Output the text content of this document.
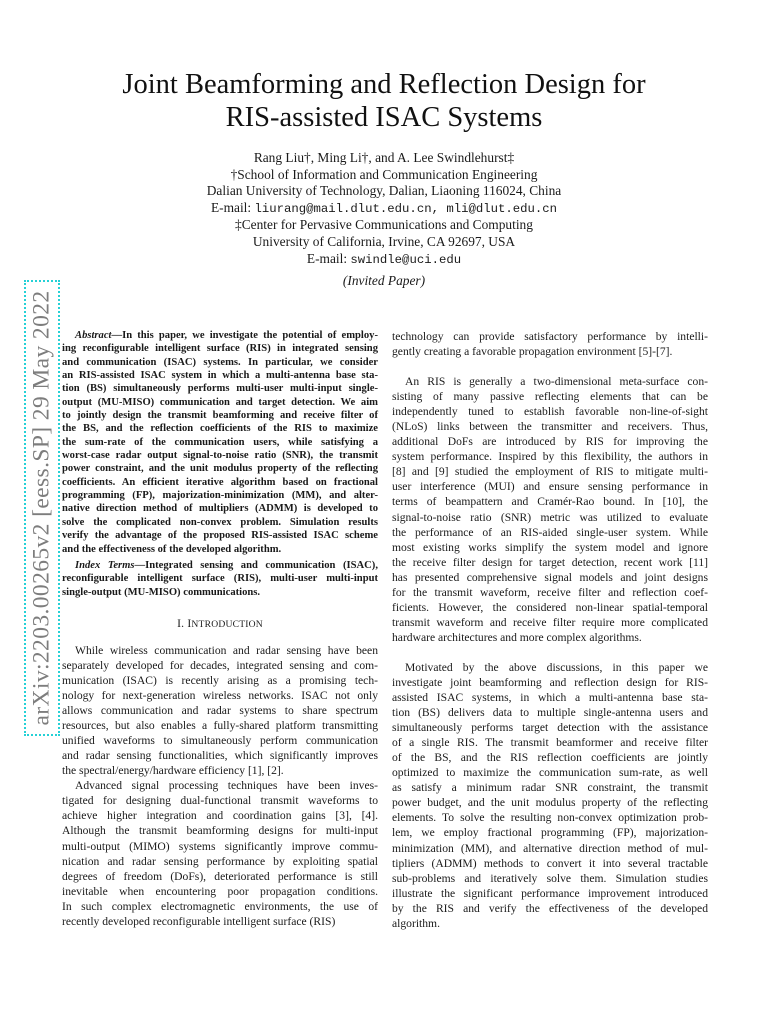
Joint Beamforming and Reflection Design for
RIS-assisted ISAC Systems
Rang Liu†, Ming Li†, and A. Lee Swindlehurst‡
†School of Information and Communication Engineering
Dalian University of Technology, Dalian, Liaoning 116024, China
E-mail: liurang@mail.dlut.edu.cn, mli@dlut.edu.cn
‡Center for Pervasive Communications and Computing
University of California, Irvine, CA 92697, USA
E-mail: swindle@uci.edu
(Invited Paper)
arXiv:2203.00265v2 [eess.SP] 29 May 2022	Abstract—In this paper, we investigate the potential of employ-
ing reconfigurable intelligent surface (RIS) in integrated sensing
and communication (ISAC) systems. In particular, we consider
an RIS-assisted ISAC system in which a multi-antenna base sta-
tion (BS) simultaneously performs multi-user multi-input single-
output (MU-MISO) communication and target detection. We aim
to jointly design the transmit beamforming and receive filter of
the BS, and the reflection coefficients of the RIS to maximize
the sum-rate of the communication users, while satisfying a
worst-case radar output signal-to-noise ratio (SNR), the transmit
power constraint, and the unit modulus property of the reflecting
coefficients. An efficient iterative algorithm based on fractional
programming (FP), majorization-minimization (MM), and alter-
native direction method of multipliers (ADMM) is developed to
solve the complicated non-convex problem. Simulation results
verify the advantage of the proposed RIS-assisted ISAC scheme
and the effectiveness of the developed algorithm.
Index Terms—Integrated sensing and communication (ISAC),
reconfigurable intelligent surface (RIS), multi-user multi-input
single-output (MU-MISO) communications.
I. INTRODUCTION

While wireless communication and radar sensing have been
separately developed for decades, integrated sensing and com-
munication (ISAC) is recently arising as a promising tech-
nology for next-generation wireless networks. ISAC not only
allows communication and radar systems to share spectrum
resources, but also enables a fully-shared platform transmitting
unified waveforms to simultaneously perform communication
and radar sensing functionalities, which significantly improves
the spectral/energy/hardware efficiency [1], [2].

Advanced signal processing techniques have been inves-
tigated for designing dual-functional transmit waveforms to
achieve higher integration and coordination gains [3], [4].
Although the transmit beamforming designs for multi-input
multi-output (MIMO) systems significantly improve commu-
nication and radar sensing performance by exploiting spatial
degrees of freedom (DoFs), deteriorated performance is still
inevitable when encountering poor propagation conditions.
In such complex electromagnetic environments, the use of
recently developed reconfigurable intelligent surface (RIS)

technology can provide satisfactory performance by intelli-
gently creating a favorable propagation environment [5]-[7].

An RIS is generally a two-dimensional meta-surface con-
sisting of many passive reflecting elements that can be
independently tuned to establish favorable non-line-of-sight
(NLoS) links between the transmitter and receivers. Thus,
additional DoFs are introduced by RIS for improving the
system performance. Inspired by this flexibility, the authors in
[8] and [9] studied the employment of RIS to mitigate multi-
user interference (MUI) and ensure sensing performance in
terms of beampattern and Cramér-Rao bound. In [10], the
signal-to-noise ratio (SNR) metric was utilized to evaluate
the performance of an RIS-aided single-user system. While
most existing works simplify the system model and ignore
the receive filter design for target detection, recent work [11]
has presented comprehensive signal models and joint designs
for the transmit waveform, receive filter and reflection coef-
ficients. However, the considered non-linear spatial-temporal
transmit waveform and receive filter require more complicated
hardware architectures and more complex algorithms.

Motivated by the above discussions, in this paper we
investigate joint beamforming and reflection design for RIS-
assisted ISAC systems, in which a multi-antenna base sta-
tion (BS) delivers data to multiple single-antenna users and
simultaneously performs target detection with the assistance
of a single RIS. The transmit beamformer and receive filter
of the BS, and the RIS reflection coefficients are jointly
optimized to maximize the communication sum-rate, as well
as satisfy a minimum radar SNR constraint, the transmit
power budget, and the unit modulus property of the reflecting
elements. To solve the resulting non-convex optimization prob-
lem, we employ fractional programming (FP), majorization-
minimization (MM), and alternative direction method of mul-
tipliers (ADMM) methods to convert it into several tractable
sub-problems and iteratively solve them. Simulation studies
illustrate the significant performance improvement introduced
by the RIS and verify the effectiveness of the developed
algorithm.
